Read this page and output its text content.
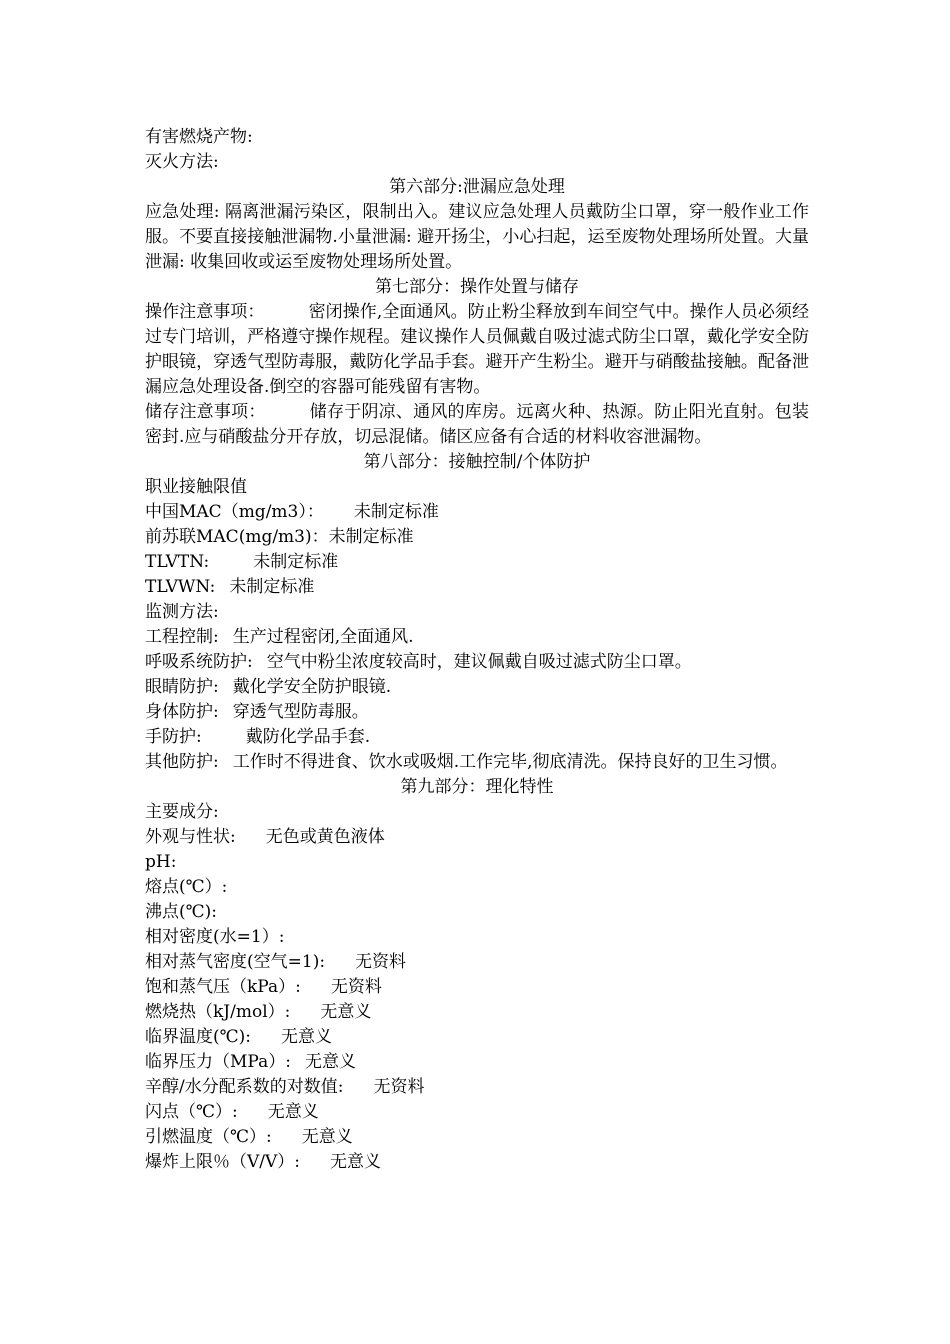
有害燃烧产物:
灭火方法:
第六部分:泄漏应急处理
应急处理: 隔离泄漏污染区，限制出入。建议应急处理人员戴防尘口罩，穿一般作业工作服。不要直接接触泄漏物.小量泄漏: 避开扬尘，小心扫起，运至废物处理场所处置。大量泄漏: 收集回收或运至废物处理场所处置。
第七部分：操作处置与储存
操作注意事项：	密闭操作,全面通风。防止粉尘释放到车间空气中。操作人员必须经过专门培训，严格遵守操作规程。建议操作人员佩戴自吸过滤式防尘口罩，戴化学安全防护眼镜，穿透气型防毒服，戴防化学品手套。避开产生粉尘。避开与硝酸盐接触。配备泄漏应急处理设备.倒空的容器可能残留有害物。
储存注意事项：	储存于阴凉、通风的库房。远离火种、热源。防止阳光直射。包装密封.应与硝酸盐分开存放，切忌混储。储区应备有合适的材料收容泄漏物。
第八部分：接触控制/个体防护
职业接触限值
中国MAC（mg/m3）： 未制定标准
前苏联MAC(mg/m3)：未制定标准
TLVTN:	未制定标准
TLVWN: 未制定标准
监测方法:
工程控制: 生产过程密闭,全面通风.
呼吸系统防护: 空气中粉尘浓度较高时，建议佩戴自吸过滤式防尘口罩。
眼睛防护: 戴化学安全防护眼镜.
身体防护: 穿透气型防毒服。
手防护:	戴防化学品手套.
其他防护: 工作时不得进食、饮水或吸烟.工作完毕,彻底清洗。保持良好的卫生习惯。
第九部分：理化特性
主要成分:
外观与性状: 无色或黄色液体
pH:
熔点(℃）:
沸点(℃):
相对密度(水=1）:
相对蒸气密度(空气=1): 无资料
饱和蒸气压（kPa）: 无资料
燃烧热（kJ/mol）: 无意义
临界温度(℃): 无意义
临界压力（MPa）: 无意义
辛醇/水分配系数的对数值: 无资料
闪点（℃）: 无意义
引燃温度（℃）: 无意义
爆炸上限％（V/V）: 无意义
